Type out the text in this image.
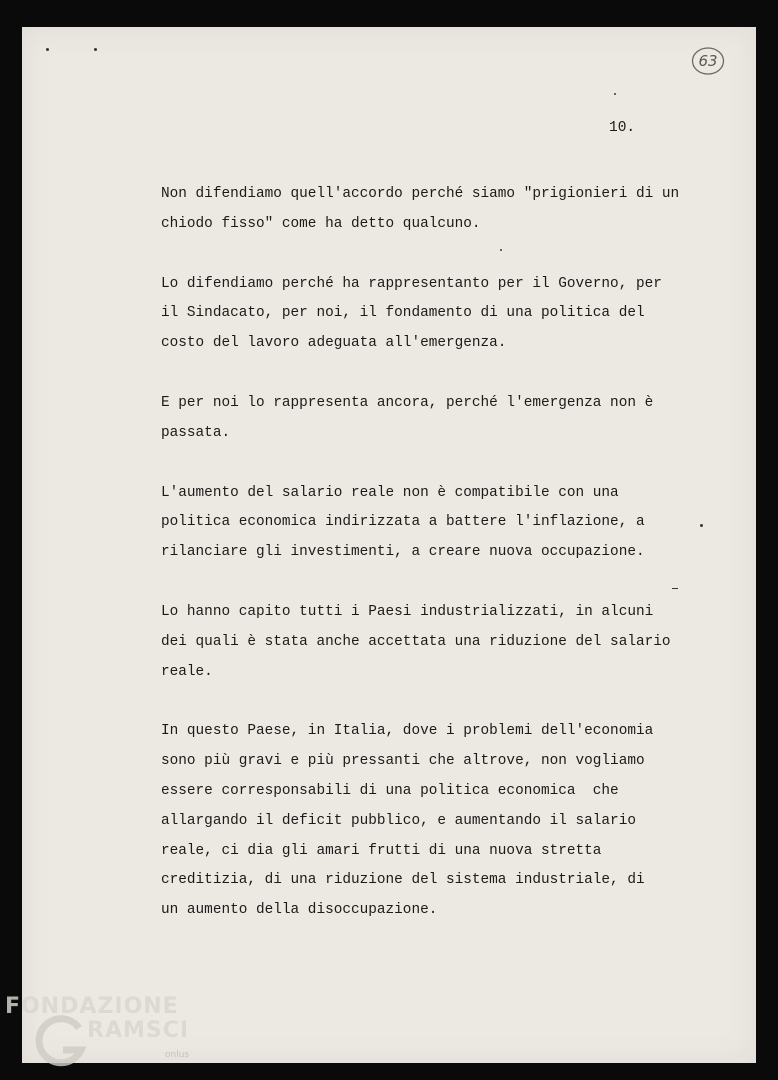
63

10.

Non difendiamo quell'accordo perché siamo "prigionieri di un
chiodo fisso" come ha detto qualcuno.
Lo difendiamo perché ha rappresentanto per il Governo, per
il Sindacato, per noi, il fondamento di una politica del
costo del lavoro adeguata all'emergenza.
E per noi lo rappresenta ancora, perché l'emergenza non è
passata.
L'aumento del salario reale non è compatibile con una
politica economica indirizzata a battere l'inflazione, a
rilanciare gli investimenti, a creare nuova occupazione.
Lo hanno capito tutti i Paesi industrializzati, in alcuni
dei quali è stata anche accettata una riduzione del salario
reale.
In questo Paese, in Italia, dove i problemi dell'economia
sono più gravi e più pressanti che altrove, non vogliamo
essere corresponsabili di una politica economica  che
allargando il deficit pubblico, e aumentando il salario
reale, ci dia gli amari frutti di una nuova stretta
creditizia, di una riduzione del sistema industriale, di
un aumento della disoccupazione.

FONDAZIONE

RAMSCI

onlus
